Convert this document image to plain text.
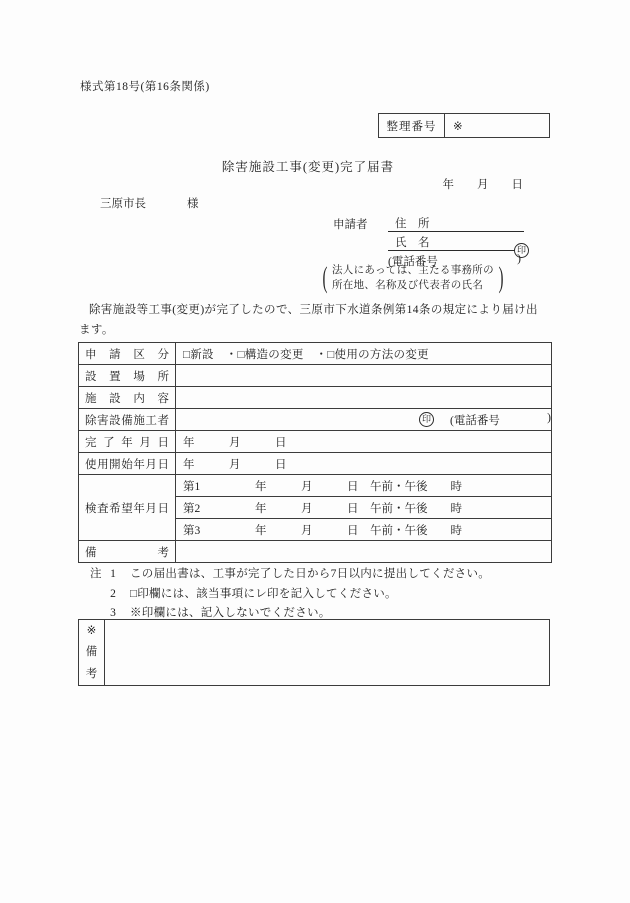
様式第18号(第16条関係)
整理番号	※
除害施設工事(変更)完了届書
年　　月　　日
三原市長	様
申請者	住　所
氏　名
印
(電話番号	)
( 法人にあっては、主たる事務所の
所在地、名称及び代表者の氏名 )
除害施設等工事(変更)が完了したので、三原市下水道条例第14条の規定により届け出
ます。
申請区分	□新設　・□構造の変更　・□使用の方法の変更
設置場所	
施設内容	
除害設備施工者	印 (電話番号 )

完了年月日	年　　　月　　　日
使用開始年月日	年　　　月　　　日
検査希望年月日	第1 年　　　月　　　日　午前・午後　　時
	第2 年　　　月　　　日　午前・午後　　時
	第3 年　　　月　　　日　午前・午後　　時
備考	
注 1 この届出書は、工事が完了した日から7日以内に提出してください。
2 □印欄には、該当事項にレ印を記入してください。
3 ※印欄には、記入しないでください。
※
備
考
